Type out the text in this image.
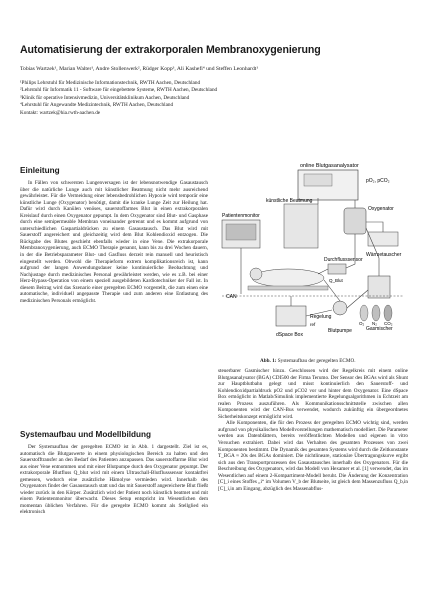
Automatisierung der extrakorporalen Membranoxygenierung
Tobias Wartzek¹, Marian Walter¹, Andre Stollenwerk², Rüdger Kopp³, Ali Kashefi⁴ und Steffen Leonhardt¹
¹Philips Lehrstuhl für Medizinische Informationstechnik, RWTH Aachen, Deutschland
²Lehrstuhl für Informatik 11 - Software für eingebettete Systeme, RWTH Aachen, Deutschland
³Klinik für operative Intensivmedizin, Universitätsklinikum Aachen, Deutschland
⁴Lehrstuhl für Angewandte Medizintechnik, RWTH Aachen, Deutschland
Kontakt: wartzek@hia.rwth-aachen.de
Einleitung

In Fällen von schwersten Lungenversagen ist der lebensnotwendige Gasaustausch über die natürliche Lunge auch mit künstlicher Beatmung nicht mehr ausreichend gewährleistet. Für die Vermeidung einer lebensbedrohlichen Hypoxie wird temporär eine künstliche Lunge (Oxygenator) benötigt, damit die kranke Lunge Zeit zur Heilung hat. Dafür wird durch Kanülen venöses, sauerstoffarmes Blut in einen extrakorporalen Kreislauf durch einen Oxygenator gepumpt. In dem Oxygenator sind Blut- und Gasphase durch eine semipermeable Membran voneinander getrennt und es kommt aufgrund von unterschiedlichen Gaspartialdrücken zu einem Gasaustausch. Das Blut wird mit Sauerstoff angereichert und gleichzeitig wird dem Blut Kohlendioxid entzogen. Die Rückgabe des Blutes geschieht ebenfalls wieder in eine Vene. Die extrakorporale Membranoxygenierung, auch ECMO Therapie genannt, kann bis zu drei Wochen dauern, in der die Betriebsparameter Blut- und Gasfluss derzeit rein manuell und heuristisch eingestellt werden. Obwohl die Therapieform extrem komplikationsreich ist, kann aufgrund der langen Anwendungsdauer keine kontinuierliche Beobachtung und Nachjustage durch medizinisches Personal gewährleistet werden, wie es z.B. bei einer Herz-Bypass-Operation von einem speziell ausgebildeten Kardiotechniker der Fall ist. In diesem Beitrag wird das Szenario einer geregelten ECMO vorgestellt, die zum einen eine automatische, individuell angepasste Therapie und zum anderen eine Entlastung des medizinischen Personals ermöglicht.

Systemaufbau und Modellbildung

Der Systemaufbau der geregelten ECMO ist in Abb. 1 dargestellt. Ziel ist es, automatisch die Blutgaswerte in einem physiologischen Bereich zu halten und den Sauerstofftransfer an den Bedarf des Patienten anzupassen. Das sauerstoffarme Blut wird aus einer Vene entnommen und mit einer Blutpumpe durch den Oxygenator gepumpt. Der extrakorporale Blutfluss Q_blut wird mit einem Ultraschall-Blutflusssensor kontaktfrei gemessen, wodurch eine zusätzliche Hämolyse vermieden wird. Innerhalb des Oxygenators findet der Gasaustausch statt und das mit Sauerstoff angereicherte Blut fließt wieder zurück in den Körper. Zusätzlich wird der Patient noch künstlich beatmet und mit einem Patientenmonitor überwacht. Dieses Setup entspricht im Wesentlichen dem momentan üblichen Verfahren. Für die geregelte ECMO kommt als Stellglied ein elektronisch

online Blutgasanalysator
pO₂, pCO₂
künstliche Beatmung
Oxygenator
Wärmetauscher
Patientenmonitor
Durchflusssensor
Q_Blut
Gasmischer
O₂ N₂ CO₂
Blutpumpe
dSpace Box
Regelung
ref
CAN
Abb. 1: Systemaufbau der geregelten ECMO.

steuerbarer Gasmischer hinzu. Geschlossen wird der Regelkreis mit einem online Blutgasanalysator (BGA) CDI500 der Firma Terumo. Der Sensor des BGAs wird als Shunt zur Hauptblutbahn gelegt und misst kontinuierlich den Sauerstoff- und Kohlendioxidpartialdruck pO2 und pCO2 vor und hinter dem Oxygenator. Eine dSpace Box ermöglicht in Matlab/Simulink implementierte Regelungsalgorithmen in Echtzeit am realen Prozess auszuführen. Als Kommunikationsschnittstelle zwischen allen Komponenten wird der CAN-Bus verwendet, wodurch zukünftig ein übergeordnetes Sicherheitskonzept ermöglicht wird.

Alle Komponenten, die für den Prozess der geregelten ECMO wichtig sind, werden aufgrund von physikalischen Modellvorstellungen mathematisch modelliert. Die Parameter werden aus Datenblättern, bereits veröffentlichten Modellen und eigenen in vitro Versuchen extrahiert. Dabei wird das Verhalten des gesamten Prozesses von zwei Komponenten bestimmt. Die Dynamik des gesamten Systems wird durch die Zeitkonstante T_BGA ≈ 20s des BGAs dominiert. Die nichtlineare, stationäre Übertragungskurve ergibt sich aus den Transportprozessen des Gasaustausches innerhalb des Oxygenators. Für die Beschreibung des Oxygenators, wird das Modell von Hexamer et al. [1] verwendet, das im Wesentlichen auf einem 2-Kompartiment-Modell beruht. Die Änderung der Konzentration [C]_i eines Stoffes „i“ im Volumen V_b der Blutseite, ist gleich dem Massenzufluss Q_b,in [C]_i,in am Eingang, abzüglich des Massenabflus-
